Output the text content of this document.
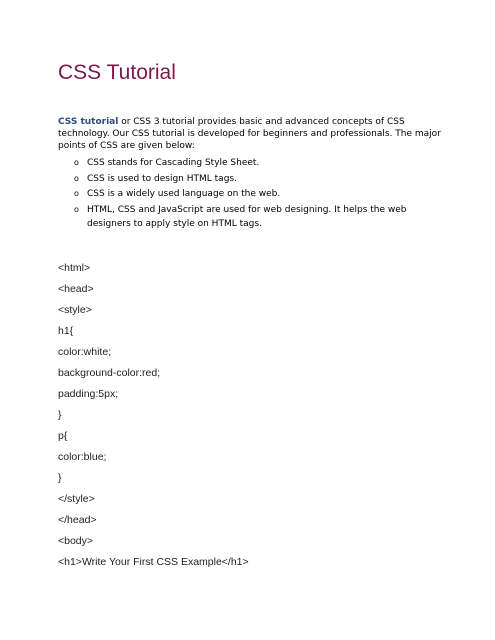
CSS Tutorial

CSS tutorial or CSS 3 tutorial provides basic and advanced concepts of CSS technology. Our CSS tutorial is developed for beginners and professionals. The major points of CSS are given below:

o CSS stands for Cascading Style Sheet.
o CSS is used to design HTML tags.
o CSS is a widely used language on the web.
o HTML, CSS and JavaScript are used for web designing. It helps the web designers to apply style on HTML tags.
<html>
<head>
<style>
h1{
color:white;
background-color:red;
padding:5px;
}
p{
color:blue;
}
</style>
</head>
<body>
<h1>Write Your First CSS Example</h1>
